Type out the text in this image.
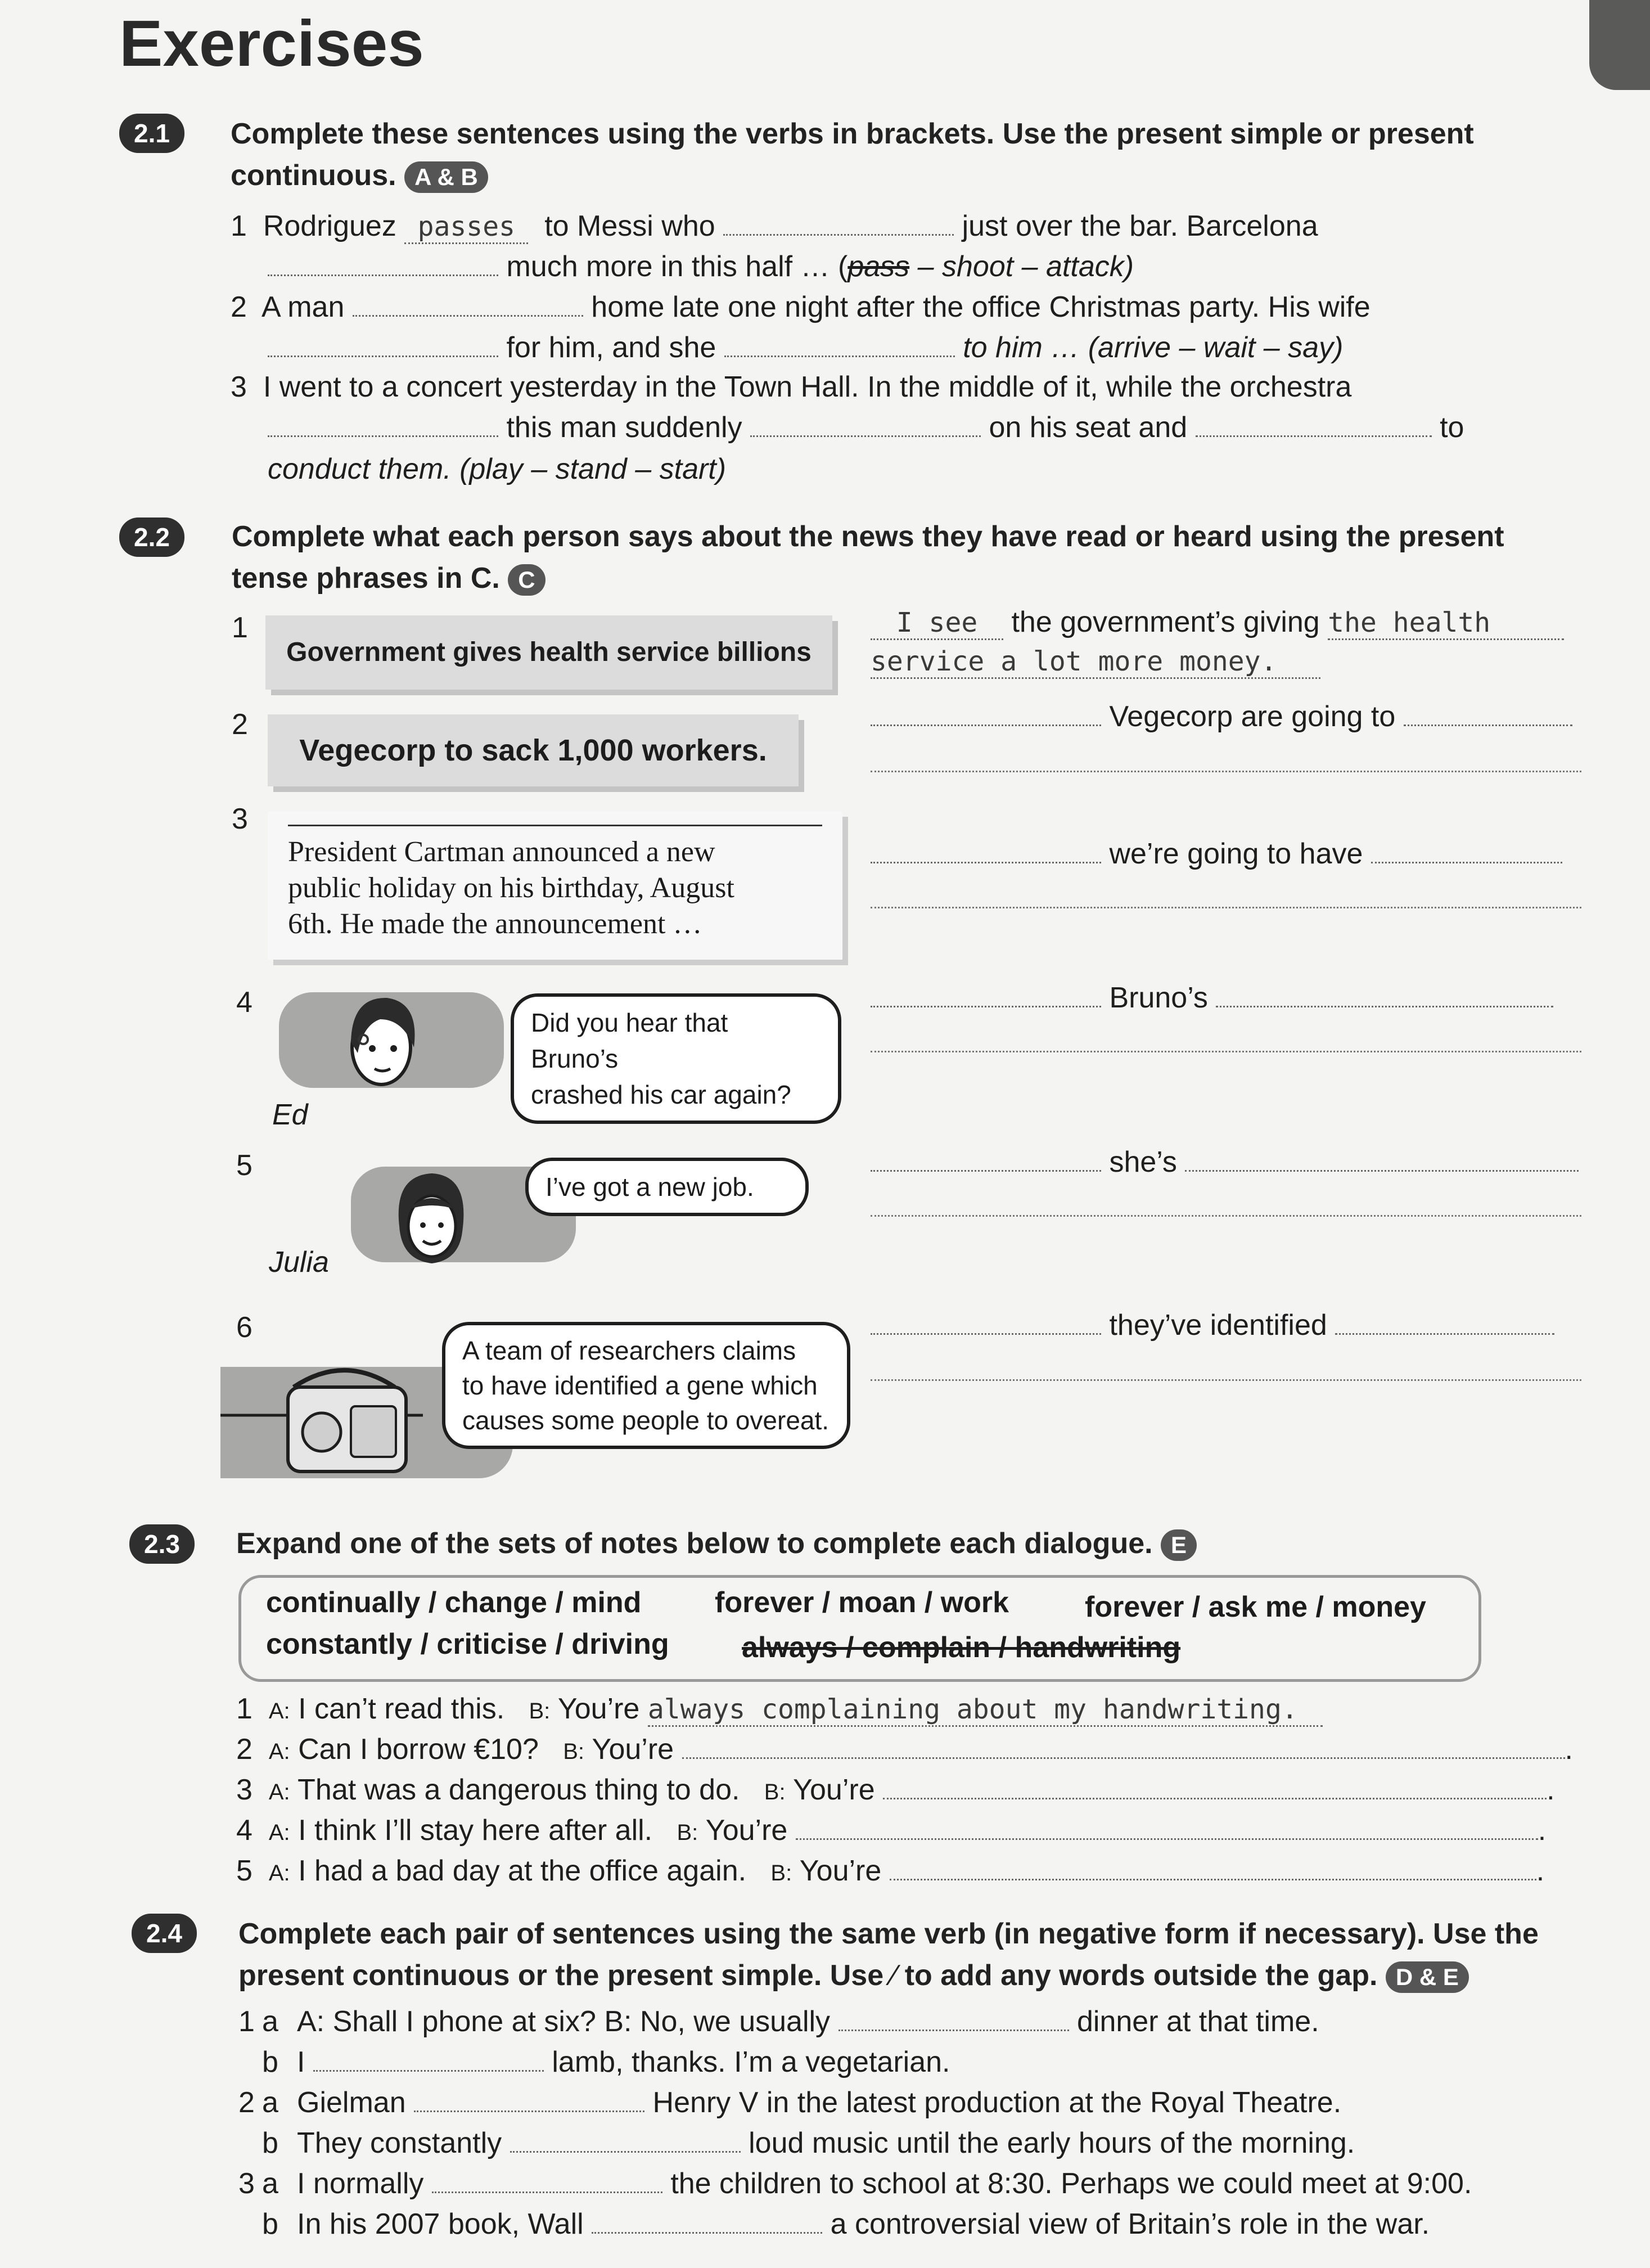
Exercises
2.1	Complete these sentences using the verbs in brackets. Use the present simple or present
continuous. A & B
1 Rodriguez passes to Messi who	just over the bar. Barcelona
much more in this half … (pass – shoot – attack)
2 A man	home late one night after the office Christmas party. His wife
for him, and she	to him … (arrive – wait – say)
3 I went to a concert yesterday in the Town Hall. In the middle of it, while the orchestra
this man suddenly	on his seat and	to
conduct them. (play – stand – start)
2.2	Complete what each person says about the news they have read or heard using the present
tense phrases in C. C
1
2
3
4
5
6
Government gives health service billions
Vegecorp to sack 1,000 workers.
President Cartman announced a new
public holiday on his birthday, August
6th. He made the announcement …
Did you hear that Bruno’s
crashed his car again?
Ed
I’ve got a new job.
Julia
A team of researchers claims
to have identified a gene which
causes some people to overeat.
I see the government’s giving the health
service a lot more money.
Vegecorp are going to
we’re going to have
Bruno’s
she’s
they’ve identified
2.3	Expand one of the sets of notes below to complete each dialogue. E
continually / change / mind	forever / moan / work	forever / ask me / money
constantly / criticise / driving always / complain / handwriting
1 A: I can’t read this. B: You’re always complaining about my handwriting.
2 A: Can I borrow €10? B: You’re	.
3 A: That was a dangerous thing to do. B: You’re	.
4 A: I think I’ll stay here after all. B: You’re	.
5 A: I had a bad day at the office again. B: You’re	.
2.4	Complete each pair of sentences using the same verb (in negative form if necessary). Use the
present continuous or the present simple. Use ⁄ to add any words outside the gap. D & E
1 a A: Shall I phone at six? B: No, we usually	dinner at that time.
b I	lamb, thanks. I’m a vegetarian.
2 a Gielman	Henry V in the latest production at the Royal Theatre.
b They constantly	loud music until the early hours of the morning.
3 a I normally	the children to school at 8:30. Perhaps we could meet at 9:00.
b In his 2007 book, Wall	a controversial view of Britain’s role in the war.
